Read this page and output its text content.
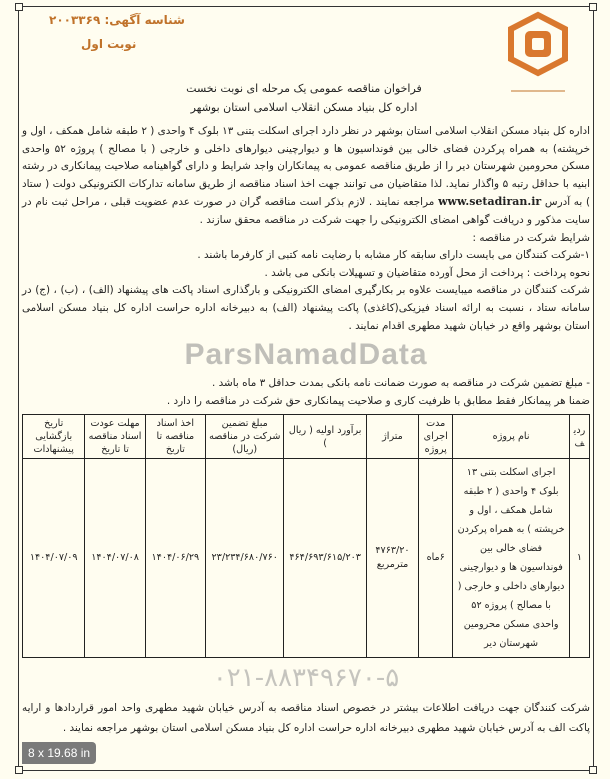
شناسه آگهی: ۲۰۰۳۳۶۹
نوبت اول
فراخوان مناقصه عمومی یک مرحله ای نوبت نخست
اداره کل بنیاد مسکن انقلاب اسلامی استان بوشهر

اداره کل بنیاد مسکن انقلاب اسلامی استان بوشهر در نظر دارد اجرای اسکلت بتنی ۱۳ بلوک ۴ واحدی ( ۲ طبقه شامل همکف ، اول و خرپشته) به همراه پرکردن فضای خالی بین فونداسیون ها و دیوارچینی دیوارهای داخلی و خارجی ( با مصالح ) پروژه ۵۲ واحدی مسکن محرومین شهرستان دیر را از طریق مناقصه عمومی به پیمانکاران واجد شرایط و دارای گواهینامه صلاحیت پیمانکاری در رشته ابنیه با حداقل رتبه ۵ واگذار نماید. لذا متقاضیان می توانند جهت اخذ اسناد مناقصه از طریق سامانه تدارکات الکترونیکی دولت ( ستاد ) به آدرس www.setadiran.ir مراجعه نمایند . لازم بذکر است مناقصه گران در صورت عدم عضویت قبلی ، مراحل ثبت نام در سایت مذکور و دریافت گواهی امضای الکترونیکی را جهت شرکت در مناقصه محقق سازند .

شرایط شرکت در مناقصه :

۱-شرکت کنندگان می بایست دارای سابقه کار مشابه با رضایت نامه کتبی از کارفرما باشند .

نحوه پرداخت : پرداخت از محل آورده متقاضیان و تسهیلات بانکی می باشد .

شرکت کنندگان در مناقصه میبایست علاوه بر بکارگیری امضای الکترونیکی و بارگذاری اسناد پاکت های پیشنهاد (الف) ، (ب) ، (ج) در سامانه ستاد ، نسبت به ارائه اسناد فیزیکی(کاغذی) پاکت پیشنهاد (الف) به دبیرخانه اداره حراست اداره کل بنیاد مسکن اسلامی استان بوشهر واقع در خیابان شهید مطهری اقدام نمایند .

ParsNamadData

- مبلغ تضمین شرکت در مناقصه به صورت ضمانت نامه بانکی بمدت حداقل ۳ ماه باشد .

ضمنا هر پیمانکار فقط مطابق با ظرفیت کاری و صلاحیت پیمانکاری حق شرکت در مناقصه را دارد .

ردیف	نام پروژه	مدت اجرای پروژه	متراژ	برآورد اولیه ( ریال )	مبلغ تضمین شرکت در مناقصه (ریال)	اخذ اسناد مناقصه تا تاریخ	مهلت عودت اسناد مناقصه تا تاریخ	تاریخ بازگشایی پیشنهادات
۱	اجرای اسکلت بتنی ۱۳ بلوک ۴ واحدی ( ۲ طبقه شامل همکف ، اول و خرپشته ) به همراه پرکردن فضای خالی بین فونداسیون ها و دیوارچینی دیوارهای داخلی و خارجی ( با مصالح ) پروژه ۵۲ واحدی مسکن محرومین شهرستان دیر	۶ماه	۴۷۶۳/۲۰ مترمربع	۴۶۴/۶۹۳/۶۱۵/۲۰۳	۲۳/۲۳۴/۶۸۰/۷۶۰	۱۴۰۴/۰۶/۲۹	۱۴۰۴/۰۷/۰۸	۱۴۰۴/۰۷/۰۹
۰۲۱-۸۸۳۴۹۶۷۰-۵

شرکت کنندگان جهت دریافت اطلاعات بیشتر در خصوص اسناد مناقصه به آدرس خیابان شهید مطهری واحد امور قراردادها و ارایه پاکت الف به آدرس خیابان شهید مطهری دبیرخانه اداره حراست اداره کل بنیاد مسکن اسلامی استان بوشهر مراجعه نمایند .

8 x 19.68 in
